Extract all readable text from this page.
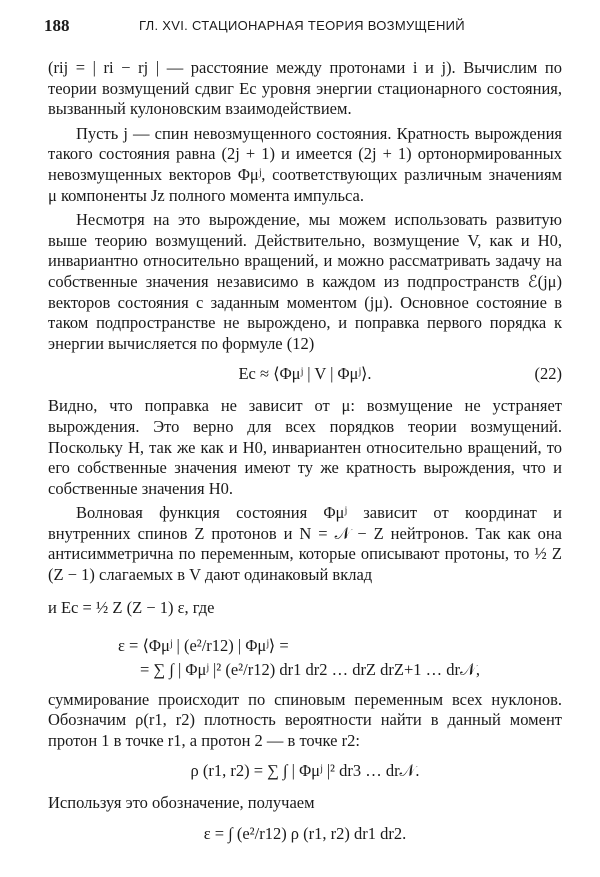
188	ГЛ. XVI. СТАЦИОНАРНАЯ ТЕОРИЯ ВОЗМУЩЕНИЙ

(rij = | ri − rj | — расстояние между протонами i и j). Вычислим по теории возмущений сдвиг Ec уровня энергии стационарного состояния, вызванный кулоновским взаимодействием.

Пусть j — спин невозмущенного состояния. Кратность вырождения такого состояния равна (2j + 1) и имеется (2j + 1) ортонормированных невозмущенных векторов Φμʲ, соответствующих различным значениям μ компоненты Jz полного момента импульса.

Несмотря на это вырождение, мы можем использовать развитую выше теорию возмущений. Действительно, возмущение V, как и H0, инвариантно относительно вращений, и можно рассматривать задачу на собственные значения независимо в каждом из подпространств ℰ(jμ) векторов состояния с заданным моментом (jμ). Основное состояние в таком подпространстве не вырождено, и поправка первого порядка к энергии вычисляется по формуле (12)

Ec ≈ ⟨Φμʲ | V | Φμʲ⟩.	(22)

Видно, что поправка не зависит от μ: возмущение не устраняет вырождения. Это верно для всех порядков теории возмущений. Поскольку H, так же как и H0, инвариантен относительно вращений, то его собственные значения имеют ту же кратность вырождения, что и собственные значения H0.

Волновая функция состояния Φμʲ зависит от координат и внутренних спинов Z протонов и N = 𝒩 − Z нейтронов. Так как она антисимметрична по переменным, которые описывают протоны, то ½ Z (Z − 1) слагаемых в V дают одинаковый вклад

и Ec = ½ Z (Z − 1) ε, где

ε = ⟨Φμʲ | (e²/r12) | Φμʲ⟩ =
= ∑ ∫ | Φμʲ |² (e²/r12) dr1 dr2 … drZ drZ+1 … dr𝒩,

суммирование происходит по спиновым переменным всех нуклонов. Обозначим ρ(r1, r2) плотность вероятности найти в данный момент протон 1 в точке r1, а протон 2 — в точке r2:

ρ (r1, r2) = ∑ ∫ | Φμʲ |² dr3 … dr𝒩.

Используя это обозначение, получаем

ε = ∫ (e²/r12) ρ (r1, r2) dr1 dr2.
